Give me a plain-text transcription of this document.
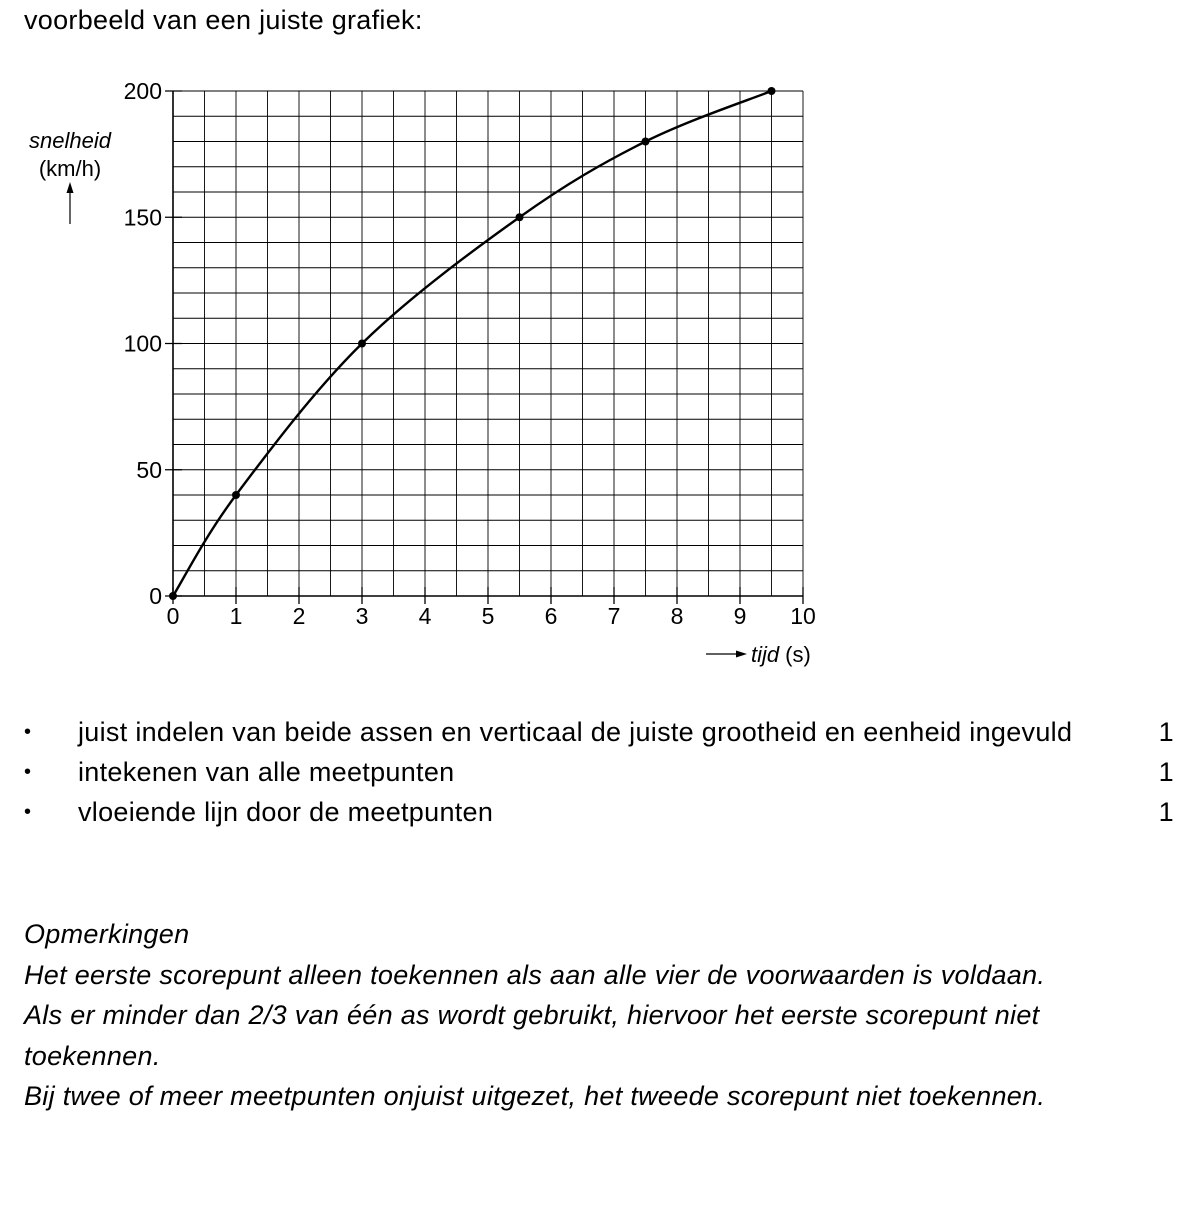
voorbeeld van een juiste grafiek:
0 1 2 3 4 5 6 7 8 9 10
0
50
100
150
200
snelheid
(km/h)
tijd (s)
• juist indelen van beide assen en verticaal de juiste grootheid en eenheid ingevuld	1
• intekenen van alle meetpunten	1
• vloeiende lijn door de meetpunten	1

Opmerkingen

Het eerste scorepunt alleen toekennen als aan alle vier de voorwaarden is voldaan.

Als er minder dan 2/3 van één as wordt gebruikt, hiervoor het eerste scorepunt niet toekennen.

Bij twee of meer meetpunten onjuist uitgezet, het tweede scorepunt niet toekennen.
